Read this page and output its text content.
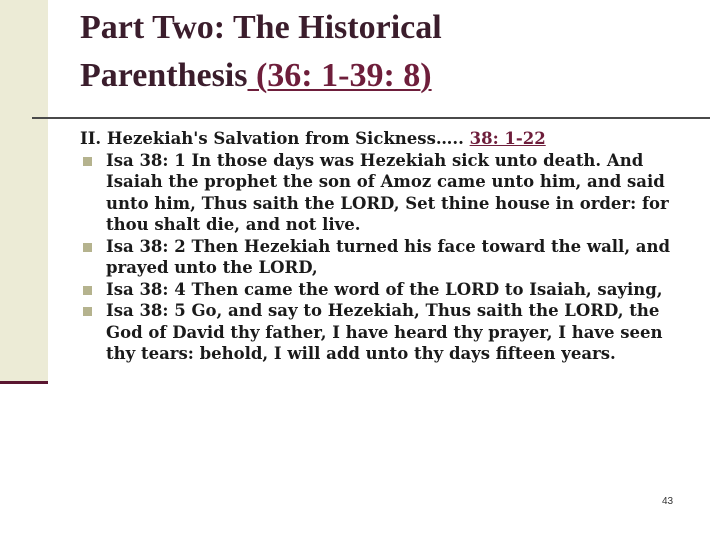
Part Two: The Historical
Parenthesis (36: 1-39: 8)

II. Hezekiah's Salvation from Sickness….. 38: 1-22

Isa 38: 1 In those days was Hezekiah sick unto death. And Isaiah the prophet the son of Amoz came unto him, and said unto him, Thus saith the LORD, Set thine house in order: for thou shalt die, and not live.
Isa 38: 2 Then Hezekiah turned his face toward the wall, and prayed unto the LORD,
Isa 38: 4 Then came the word of the LORD to Isaiah, saying,
Isa 38: 5 Go, and say to Hezekiah, Thus saith the LORD, the God of David thy father, I have heard thy prayer, I have seen thy tears: behold, I will add unto thy days fifteen years.
43
